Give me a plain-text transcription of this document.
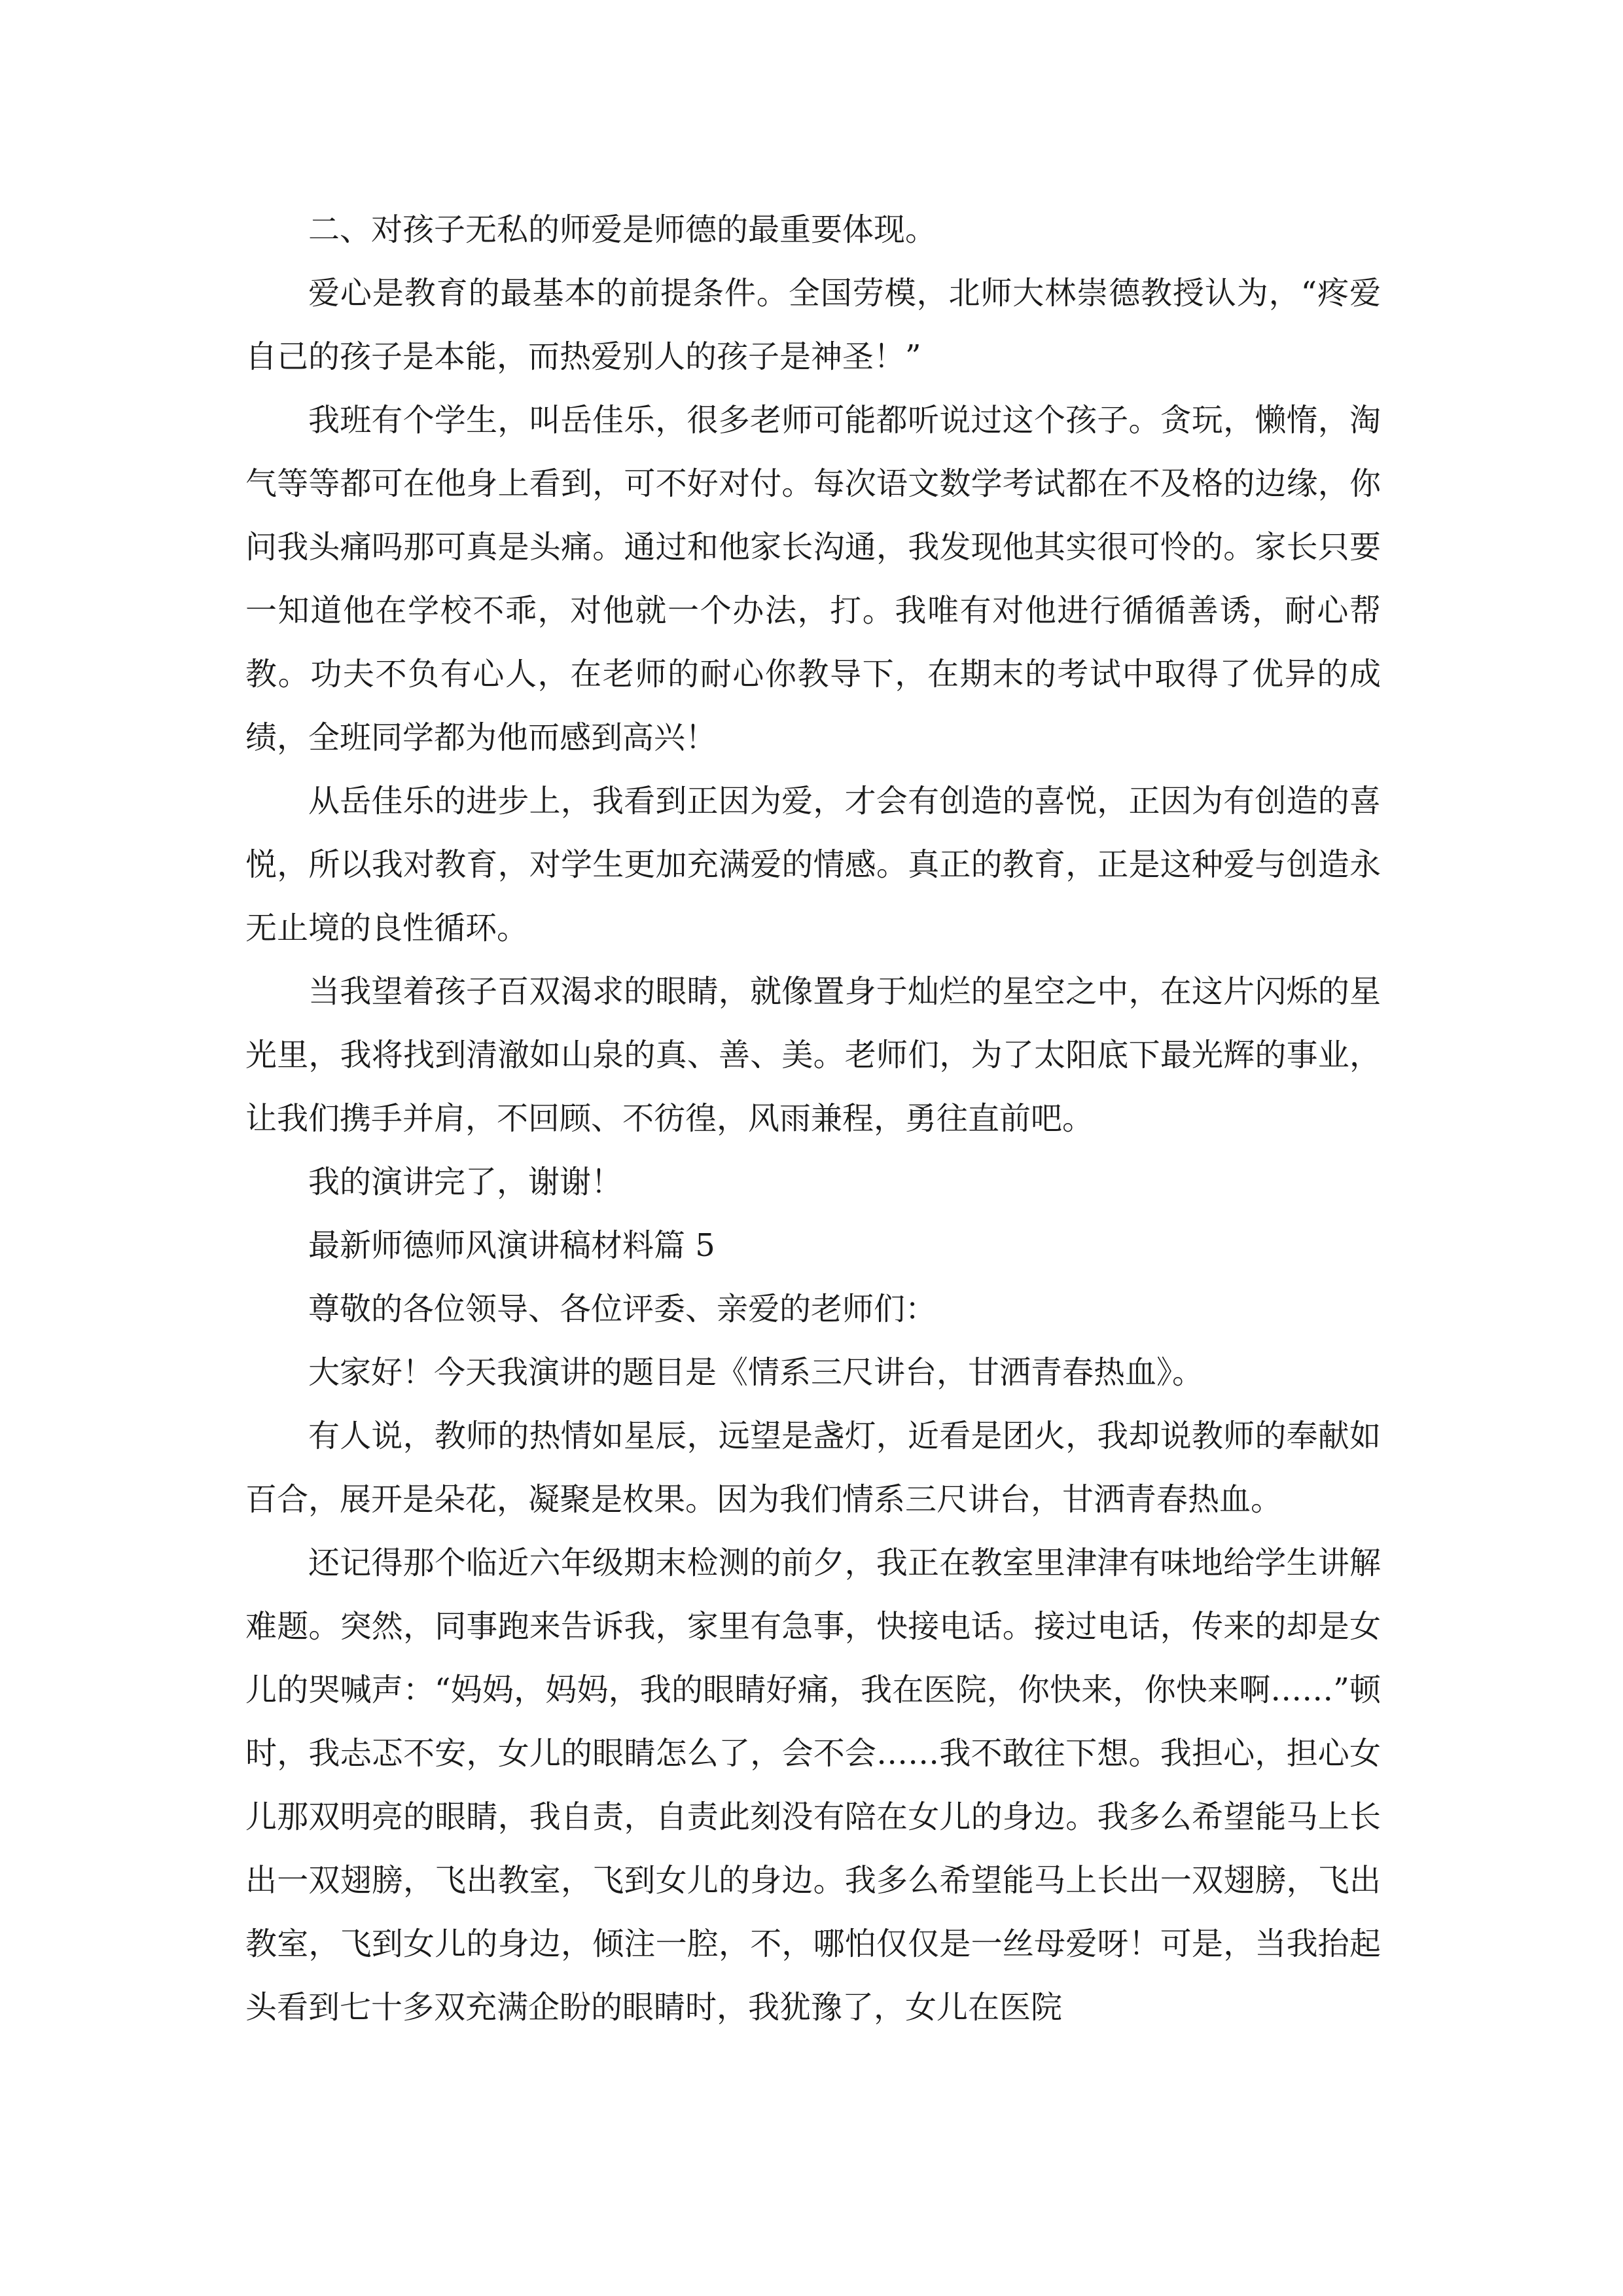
二、对孩子无私的师爱是师德的最重要体现。

爱心是教育的最基本的前提条件。全国劳模，北师大林崇德教授认为，“疼爱自己的孩子是本能，而热爱别人的孩子是神圣！”

我班有个学生，叫岳佳乐，很多老师可能都听说过这个孩子。贪玩，懒惰，淘气等等都可在他身上看到，可不好对付。每次语文数学考试都在不及格的边缘，你问我头痛吗那可真是头痛。通过和他家长沟通，我发现他其实很可怜的。家长只要一知道他在学校不乖，对他就一个办法，打。我唯有对他进行循循善诱，耐心帮教。功夫不负有心人，在老师的耐心你教导下，在期末的考试中取得了优异的成绩，全班同学都为他而感到高兴！

从岳佳乐的进步上，我看到正因为爱，才会有创造的喜悦，正因为有创造的喜悦，所以我对教育，对学生更加充满爱的情感。真正的教育，正是这种爱与创造永无止境的良性循环。

当我望着孩子百双渴求的眼睛，就像置身于灿烂的星空之中，在这片闪烁的星光里，我将找到清澈如山泉的真、善、美。老师们，为了太阳底下最光辉的事业，让我们携手并肩，不回顾、不彷徨，风雨兼程，勇往直前吧。

我的演讲完了，谢谢！

最新师德师风演讲稿材料篇 5

尊敬的各位领导、各位评委、亲爱的老师们：

大家好！今天我演讲的题目是《情系三尺讲台，甘洒青春热血》。

有人说，教师的热情如星辰，远望是盏灯，近看是团火，我却说教师的奉献如百合，展开是朵花，凝聚是枚果。因为我们情系三尺讲台，甘洒青春热血。

还记得那个临近六年级期末检测的前夕，我正在教室里津津有味地给学生讲解难题。突然，同事跑来告诉我，家里有急事，快接电话。接过电话，传来的却是女儿的哭喊声：“妈妈，妈妈，我的眼睛好痛，我在医院，你快来，你快来啊……”顿时，我忐忑不安，女儿的眼睛怎么了，会不会……我不敢往下想。我担心，担心女儿那双明亮的眼睛，我自责，自责此刻没有陪在女儿的身边。我多么希望能马上长出一双翅膀，飞出教室，飞到女儿的身边。我多么希望能马上长出一双翅膀，飞出教室，飞到女儿的身边，倾注一腔，不，哪怕仅仅是一丝母爱呀！可是，当我抬起头看到七十多双充满企盼的眼睛时，我犹豫了，女儿在医院
